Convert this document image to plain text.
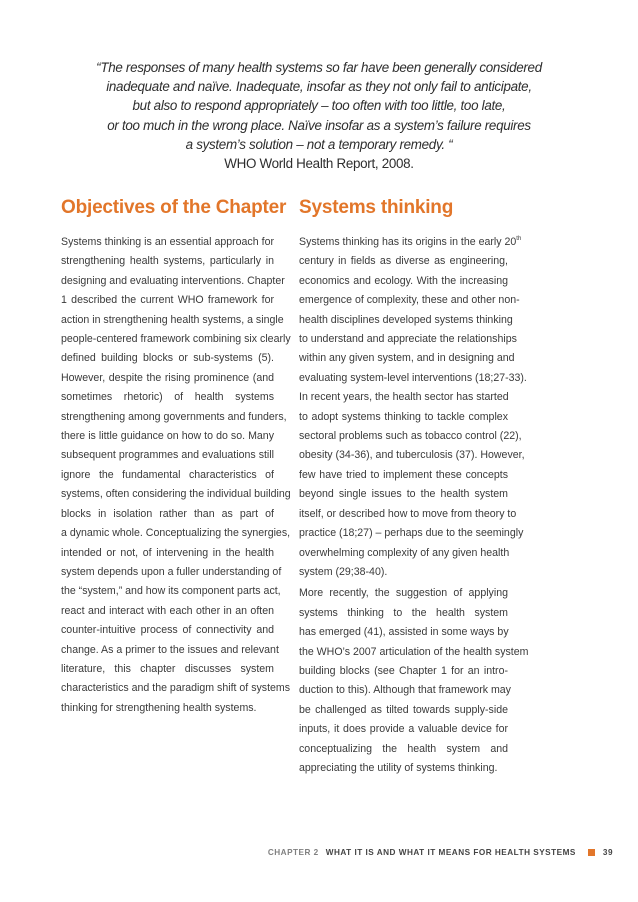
“The responses of many health systems so far have been generally considered
inadequate and naïve. Inadequate, insofar as they not only fail to anticipate,
but also to respond appropriately – too often with too little, too late,
or too much in the wrong place. Naïve insofar as a system’s failure requires
a system’s solution – not a temporary remedy. “
WHO World Health Report, 2008.
Objectives of the Chapter
Systems thinking is an essential approach for
strengthening health systems, particularly in
designing and evaluating interventions. Chapter
1 described the current WHO framework for
action in strengthening health systems, a single
people-centered framework combining six clearly
defined building blocks or sub-systems (5).
However, despite the rising prominence (and
sometimes rhetoric) of health systems
strengthening among governments and funders,
there is little guidance on how to do so. Many
subsequent programmes and evaluations still
ignore the fundamental characteristics of
systems, often considering the individual building
blocks in isolation rather than as part of
a dynamic whole. Conceptualizing the synergies,
intended or not, of intervening in the health
system depends upon a fuller understanding of
the “system,” and how its component parts act,
react and interact with each other in an often
counter-intuitive process of connectivity and
change. As a primer to the issues and relevant
literature, this chapter discusses system
characteristics and the paradigm shift of systems
thinking for strengthening health systems.
Systems thinking
Systems thinking has its origins in the early 20th
century in fields as diverse as engineering,
economics and ecology. With the increasing
emergence of complexity, these and other non-
health disciplines developed systems thinking
to understand and appreciate the relationships
within any given system, and in designing and
evaluating system-level interventions (18;27-33).
In recent years, the health sector has started
to adopt systems thinking to tackle complex
sectoral problems such as tobacco control (22),
obesity (34-36), and tuberculosis (37). However,
few have tried to implement these concepts
beyond single issues to the health system
itself, or described how to move from theory to
practice (18;27) – perhaps due to the seemingly
overwhelming complexity of any given health
system (29;38-40).
More recently, the suggestion of applying
systems thinking to the health system
has emerged (41), assisted in some ways by
the WHO’s 2007 articulation of the health system
building blocks (see Chapter 1 for an intro-
duction to this). Although that framework may
be challenged as tilted towards supply-side
inputs, it does provide a valuable device for
conceptualizing the health system and
appreciating the utility of systems thinking.
CHAPTER 2 WHAT IT IS AND WHAT IT MEANS FOR HEALTH SYSTEMS	39
